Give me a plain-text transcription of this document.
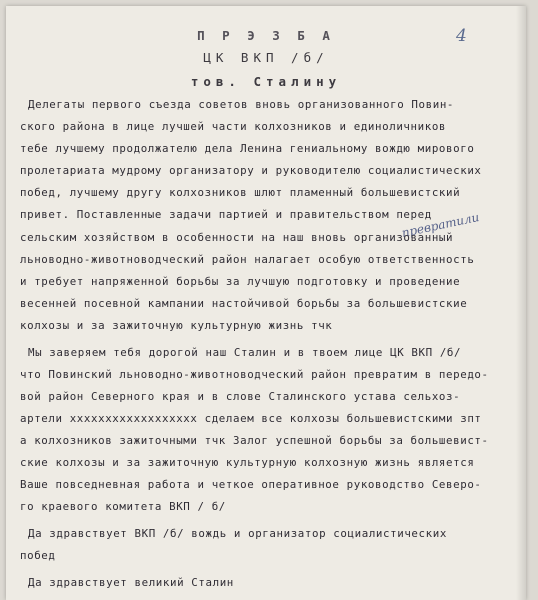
4

П Р Э З Б А

ЦК ВКП /б/

тов. Сталину

превратили

Делегаты первого съезда советов вновь организованного Повин-

ского района в лице лучшей части колхозников и единоличников

тебе лучшему продолжателю дела Ленина гениальному вождю мирового

пролетариата мудрому организатору и руководителю социалистических

побед, лучшему другу колхозников шлют пламенный большевистский

привет. Поставленные задачи партией и правительством перед

сельским хозяйством в особенности на наш вновь организованный

льноводно-животноводческий район налагает особую ответственность

и требует напряженной борьбы за лучшую подготовку и проведение

весенней посевной кампании настойчивой борьбы за большевистские

колхозы и за зажиточную культурную жизнь тчк

Мы заверяем тебя дорогой наш Сталин и в твоем лице ЦК ВКП /б/

что Повинский льноводно-животноводческий район превратим в передо-

вой район Северного края и в слове Сталинского устава сельхоз-

артели xxxxxxxxxxxxxxxxxx сделаем все колхозы большевистскими зпт

а колхозников зажиточными тчк Залог успешной борьбы за большевист-

ские колхозы и за зажиточную культурную колхозную жизнь является

Ваше повседневная работа и четкое оперативное руководство Северо-

го краевого комитета ВКП / б/

Да здравствует ВКП /б/ вождь и организатор социалистических

побед

Да здравствует великий Сталин
